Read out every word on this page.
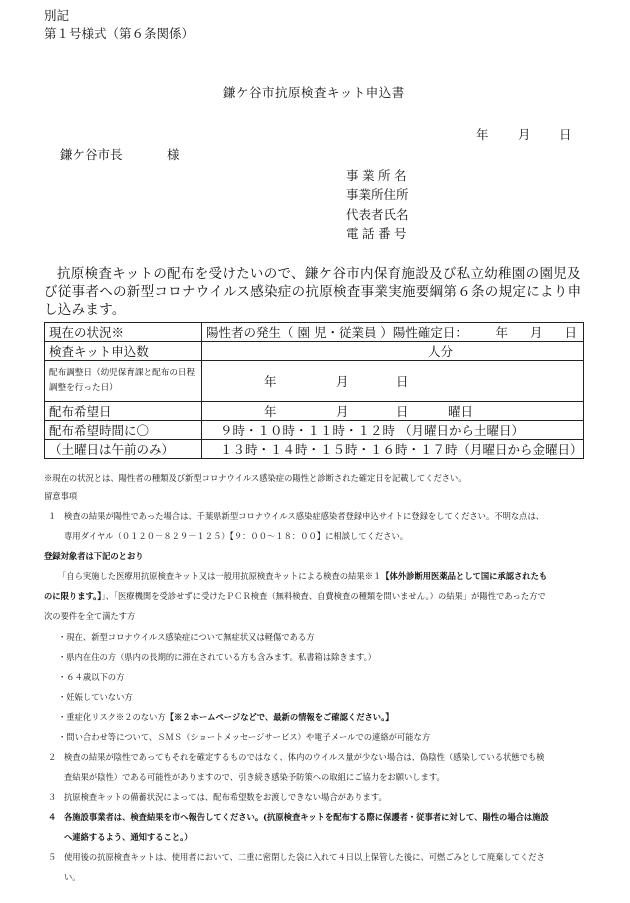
別記
第１号様式（第６条関係）
鎌ケ谷市抗原検査キット申込書
年 月 日
鎌ケ谷市長	様
事業所名
事業所住所
代表者氏名
電話番号
抗原検査キットの配布を受けたいので、鎌ケ谷市内保育施設及び私立幼稚園の園児及び従事者への新型コロナウイルス感染症の抗原検査事業実施要綱第６条の規定により申し込みます。
現在の状況※	陽性者の発生（ 園 児・従業員 ）陽性確定日： 年 月 日

検査キット申込数	人分
配布調整日（幼児保育課と配布の日程調整を行った日）	年 月 日
配布希望日	年 月 日 曜日
配布希望時間に〇	９時・１０時・１１時・１２時 （月曜日から土曜日）
（土曜日は午前のみ）	１３時・１４時・１５時・１６時・１７時（月曜日から金曜日）
※現在の状況とは、陽性者の種類及び新型コロナウイルス感染症の陽性と診断された確定日を記載してください。
留意事項
１ 検査の結果が陽性であった場合は、千葉県新型コロナウイルス感染症感染者登録申込サイトに登録をしてください。不明な点は、
専用ダイヤル（０１２０－８２９－１２５）【９：００～１８：００】に相談してください。
登録対象者は下記のとおり
「自ら実施した医療用抗原検査キット又は一般用抗原検査キットによる検査の結果※１【体外診断用医薬品として国に承認されたも
のに限ります。】」、「医療機関を受診せずに受けたＰＣＲ検査（無料検査、自費検査の種類を問いません。）の結果」が陽性であった方で
次の要件を全て満たす方
・現在、新型コロナウイルス感染症について無症状又は軽傷である方
・県内在住の方（県内の長期的に滞在されている方も含みます。私書箱は除きます。）
・６４歳以下の方
・妊娠していない方
・重症化リスク※２のない方【※２ホームページなどで、最新の情報をご確認ください。】
・問い合わせ等について、ＳＭＳ（ショートメッセージサービス）や電子メールでの連絡が可能な方
２ 検査の結果が陰性であってもそれを確定するものではなく、体内のウイルス量が少ない場合は、偽陰性（感染している状態でも検
査結果が陰性）である可能性がありますので、引き続き感染予防策への取組にご協力をお願いします。
３ 抗原検査キットの備蓄状況によっては、配布希望数をお渡しできない場合があります。
４ 各施設事業者は、検査結果を市へ報告してください。(抗原検査キットを配布する際に保護者・従事者に対して、陽性の場合は施設
へ連絡するよう、通知すること。）
５ 使用後の抗原検査キットは、使用者において、二重に密閉した袋に入れて４日以上保管した後に、可燃ごみとして廃棄してくださ
い。
